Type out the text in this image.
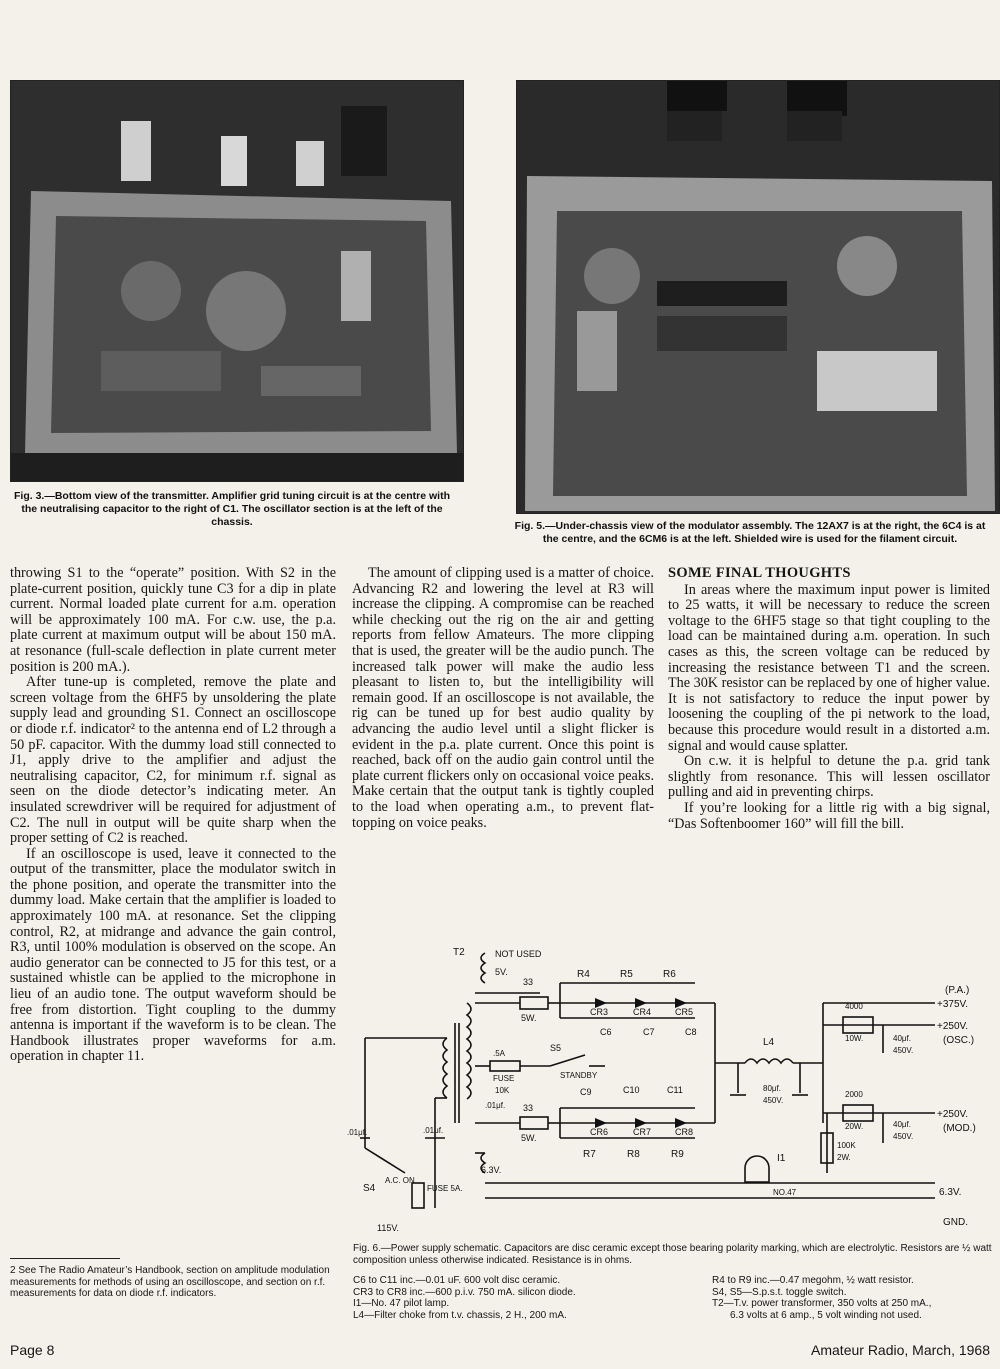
Fig. 3.—Bottom view of the transmitter. Amplifier grid tuning circuit is at the centre with the neutralising capacitor to the right of C1. The oscillator section is at the left of the chassis.	Fig. 5.—Under-chassis view of the modulator assembly. The 12AX7 is at the right, the 6C4 is at the centre, and the 6CM6 is at the left. Shielded wire is used for the filament circuit.

throwing S1 to the “operate” position. With S2 in the plate-current position, quickly tune C3 for a dip in plate current. Normal loaded plate current for a.m. operation will be approximately 100 mA. For c.w. use, the p.a. plate current at maximum output will be about 150 mA. at resonance (full-scale deflection in plate current meter position is 200 mA.).

After tune-up is completed, remove the plate and screen voltage from the 6HF5 by unsoldering the plate supply lead and grounding S1. Connect an oscilloscope or diode r.f. indicator² to the antenna end of L2 through a 50 pF. capacitor. With the dummy load still connected to J1, apply drive to the amplifier and adjust the neutralising capacitor, C2, for minimum r.f. signal as seen on the diode detector’s indicating meter. An insulated screwdriver will be required for adjustment of C2. The null in output will be quite sharp when the proper setting of C2 is reached.

If an oscilloscope is used, leave it connected to the output of the transmitter, place the modulator switch in the phone position, and operate the transmitter into the dummy load. Make certain that the amplifier is loaded to approximately 100 mA. at resonance. Set the clipping control, R2, at midrange and advance the gain control, R3, until 100% modulation is observed on the scope. An audio generator can be connected to J5 for this test, or a sustained whistle can be applied to the microphone in lieu of an audio tone. The output waveform should be free from distortion. Tight coupling to the dummy antenna is important if the waveform is to be clean. The Handbook illustrates proper waveforms for a.m. operation in chapter 11.

The amount of clipping used is a matter of choice. Advancing R2 and lowering the level at R3 will increase the clipping. A compromise can be reached while checking out the rig on the air and getting reports from fellow Amateurs. The more clipping that is used, the greater will be the audio punch. The increased talk power will make the audio less pleasant to listen to, but the intelligibility will remain good. If an oscilloscope is not available, the rig can be tuned up for best audio quality by advancing the audio level until a slight flicker is evident in the p.a. plate current. Once this point is reached, back off on the audio gain control until the plate current flickers only on occasional voice peaks. Make certain that the output tank is tightly coupled to the load when operating a.m., to prevent flat-topping on voice peaks.

SOME FINAL THOUGHTS

In areas where the maximum input power is limited to 25 watts, it will be necessary to reduce the screen voltage to the 6HF5 stage so that tight coupling to the load can be maintained during a.m. operation. In such cases as this, the screen voltage can be reduced by increasing the resistance between T1 and the screen. The 30K resistor can be replaced by one of higher value. It is not satisfactory to reduce the input power by loosening the coupling of the pi network to the load, because this procedure would result in a distorted a.m. signal and would cause splatter.

On c.w. it is helpful to detune the p.a. grid tank slightly from resonance. This will lessen oscillator pulling and aid in preventing chirps.

If you’re looking for a little rig with a big signal, “Das Softenboomer 160” will fill the bill.

T2	NOT USED
5V.
33
5W.
33
5W.
R4	R5	R6
R7	R8	R9
CR3	CR4	CR5
CR6	CR7	CR8
C6	C7	C8
C9	C10	C11
L4
.5A
FUSE
10K
.01μf.
S5
STANDBY
80μf.
450V.
4000
10W.
2000
20W.
100K
2W.
40μf.
450V.
40μf.
450V.
(P.A.)
+375V.
+250V.
(OSC.)
+250V.
(MOD.)
6.3V.
6.3V.
GND.
I1
NO.47
.01μf.	.01μf.
S4
A.C. ON
FUSE 5A.
115V.
Fig. 6.—Power supply schematic. Capacitors are disc ceramic except those bearing polarity marking, which are electrolytic. Resistors are ½ watt composition unless otherwise indicated. Resistance is in ohms.
C6 to C11 inc.—0.01 uF. 600 volt disc ceramic.
CR3 to CR8 inc.—600 p.i.v. 750 mA. silicon diode.
I1—No. 47 pilot lamp.
L4—Filter choke from t.v. chassis, 2 H., 200 mA.
R4 to R9 inc.—0.47 megohm, ½ watt resistor.
S4, S5—S.p.s.t. toggle switch.
T2—T.v. power transformer, 350 volts at 250 mA.,
6.3 volts at 6 amp., 5 volt winding not used.
2 See The Radio Amateur’s Handbook, section on amplitude modulation measurements for methods of using an oscilloscope, and section on r.f. measurements for data on diode r.f. indicators.
Page 8	Amateur Radio, March, 1968
